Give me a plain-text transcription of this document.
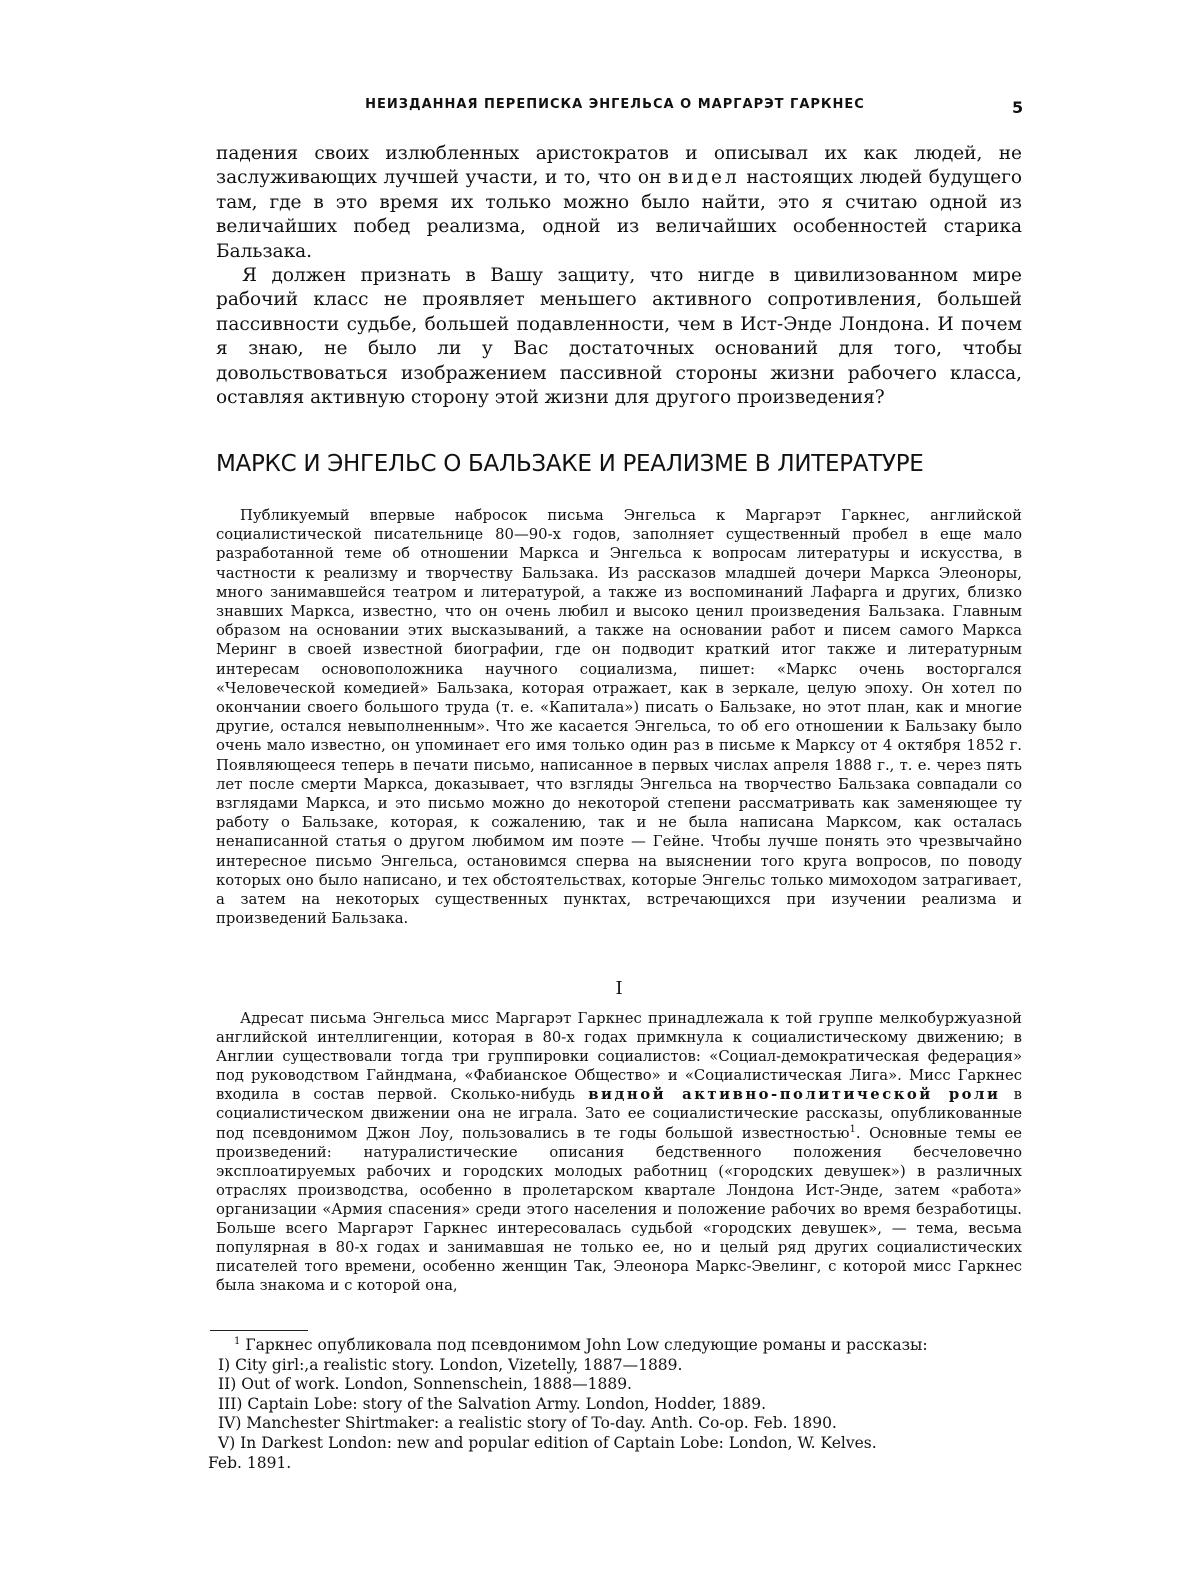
НЕИЗДАННАЯ ПЕРЕПИСКА ЭНГЕЛЬСА О МАРГАРЭТ ГАРКНЕС	5

падения своих излюбленных аристократов и описывал их как людей, не заслуживающих лучшей участи, и то, что он видел настоящих людей будущего там, где в это время их только можно было найти, это я считаю одной из величайших побед реализма, одной из величайших особенностей старика Бальзака.

Я должен признать в Вашу защиту, что нигде в цивилизованном мире рабочий класс не проявляет меньшего активного сопротивления, большей пассивности судьбе, большей подавленности, чем в Ист-Энде Лондона. И почем я знаю, не было ли у Вас достаточных оснований для того, чтобы довольствоваться изображением пассивной стороны жизни рабочего класса, оставляя активную сторону этой жизни для другого произведения?

МАРКС И ЭНГЕЛЬС О БАЛЬЗАКЕ И РЕАЛИЗМЕ В ЛИТЕРАТУРЕ

Публикуемый впервые набросок письма Энгельса к Маргарэт Гаркнес, английской социалистической писательнице 80—90-х годов, заполняет существенный пробел в еще мало разработанной теме об отношении Маркса и Энгельса к вопросам литературы и искусства, в частности к реализму и творчеству Бальзака. Из рассказов младшей дочери Маркса Элеоноры, много занимавшейся театром и литературой, а также из воспоминаний Лафарга и других, близко знавших Маркса, известно, что он очень любил и высоко ценил произведения Бальзака. Главным образом на основании этих высказываний, а также на основании работ и писем самого Маркса Меринг в своей известной биографии, где он подводит краткий итог также и литературным интересам основоположника научного социализма, пишет: «Маркс очень восторгался «Человеческой комедией» Бальзака, которая отражает, как в зеркале, целую эпоху. Он хотел по окончании своего большого труда (т. е. «Капитала») писать о Бальзаке, но этот план, как и многие другие, остался невыполненным». Что же касается Энгельса, то об его отношении к Бальзаку было очень мало известно, он упоминает его имя только один раз в письме к Марксу от 4 октября 1852 г. Появляющееся теперь в печати письмо, написанное в первых числах апреля 1888 г., т. е. через пять лет после смерти Маркса, доказывает, что взгляды Энгельса на творчество Бальзака совпадали со взглядами Маркса, и это письмо можно до некоторой степени рассматривать как заменяющее ту работу о Бальзаке, которая, к сожалению, так и не была написана Марксом, как осталась ненаписанной статья о другом любимом им поэте — Гейне. Чтобы лучше понять это чрезвычайно интересное письмо Энгельса, остановимся сперва на выяснении того круга вопросов, по поводу которых оно было написано, и тех обстоятельствах, которые Энгельс только мимоходом затрагивает, а затем на некоторых существенных пунктах, встречающихся при изучении реализма и произведений Бальзака.

I

Адресат письма Энгельса мисс Маргарэт Гаркнес принадлежала к той группе мелкобуржуазной английской интеллигенции, которая в 80-х годах примкнула к социалистическому движению; в Англии существовали тогда три группировки социалистов: «Социал-демократическая федерация» под руководством Гайндмана, «Фабианское Общество» и «Социалистическая Лига». Мисс Гаркнес входила в состав первой. Сколько-нибудь видной активно-политической роли в социалистическом движении она не играла. Зато ее социалистические рассказы, опубликованные под псевдонимом Джон Лоу, пользовались в те годы большой известностью$^1$. Основные темы ее произведений: натуралистические описания бедственного положения бесчеловечно эксплоатируемых рабочих и городских молодых работниц («городских девушек») в различных отраслях производства, особенно в пролетарском квартале Лондона Ист-Энде, затем «работа» организации «Армия спасения» среди этого населения и положение рабочих во время безработицы. Больше всего Маргарэт Гаркнес интересовалась судьбой «городских девушек», — тема, весьма популярная в 80-х годах и занимавшая не только ее, но и целый ряд других социалистических писателей того времени, особенно женщин Так, Элеонора Маркс-Эвелинг, с которой мисс Гаркнес была знакома и с которой она,

$^1$ Гаркнес опубликовала под псевдонимом John Low следующие романы и рассказы:

I) City girl:,a realistic story. London, Vizetelly, 1887—1889.

II) Out of work. London, Sonnenschein, 1888—1889.

III) Captain Lobe: story of the Salvation Army. London, Hodder, 1889.

IV) Manchester Shirtmaker: a realistic story of To-day. Anth. Co-op. Feb. 1890.

V) In Darkest London: new and popular edition of Captain Lobe: London, W. Kelves.

Feb. 1891.
